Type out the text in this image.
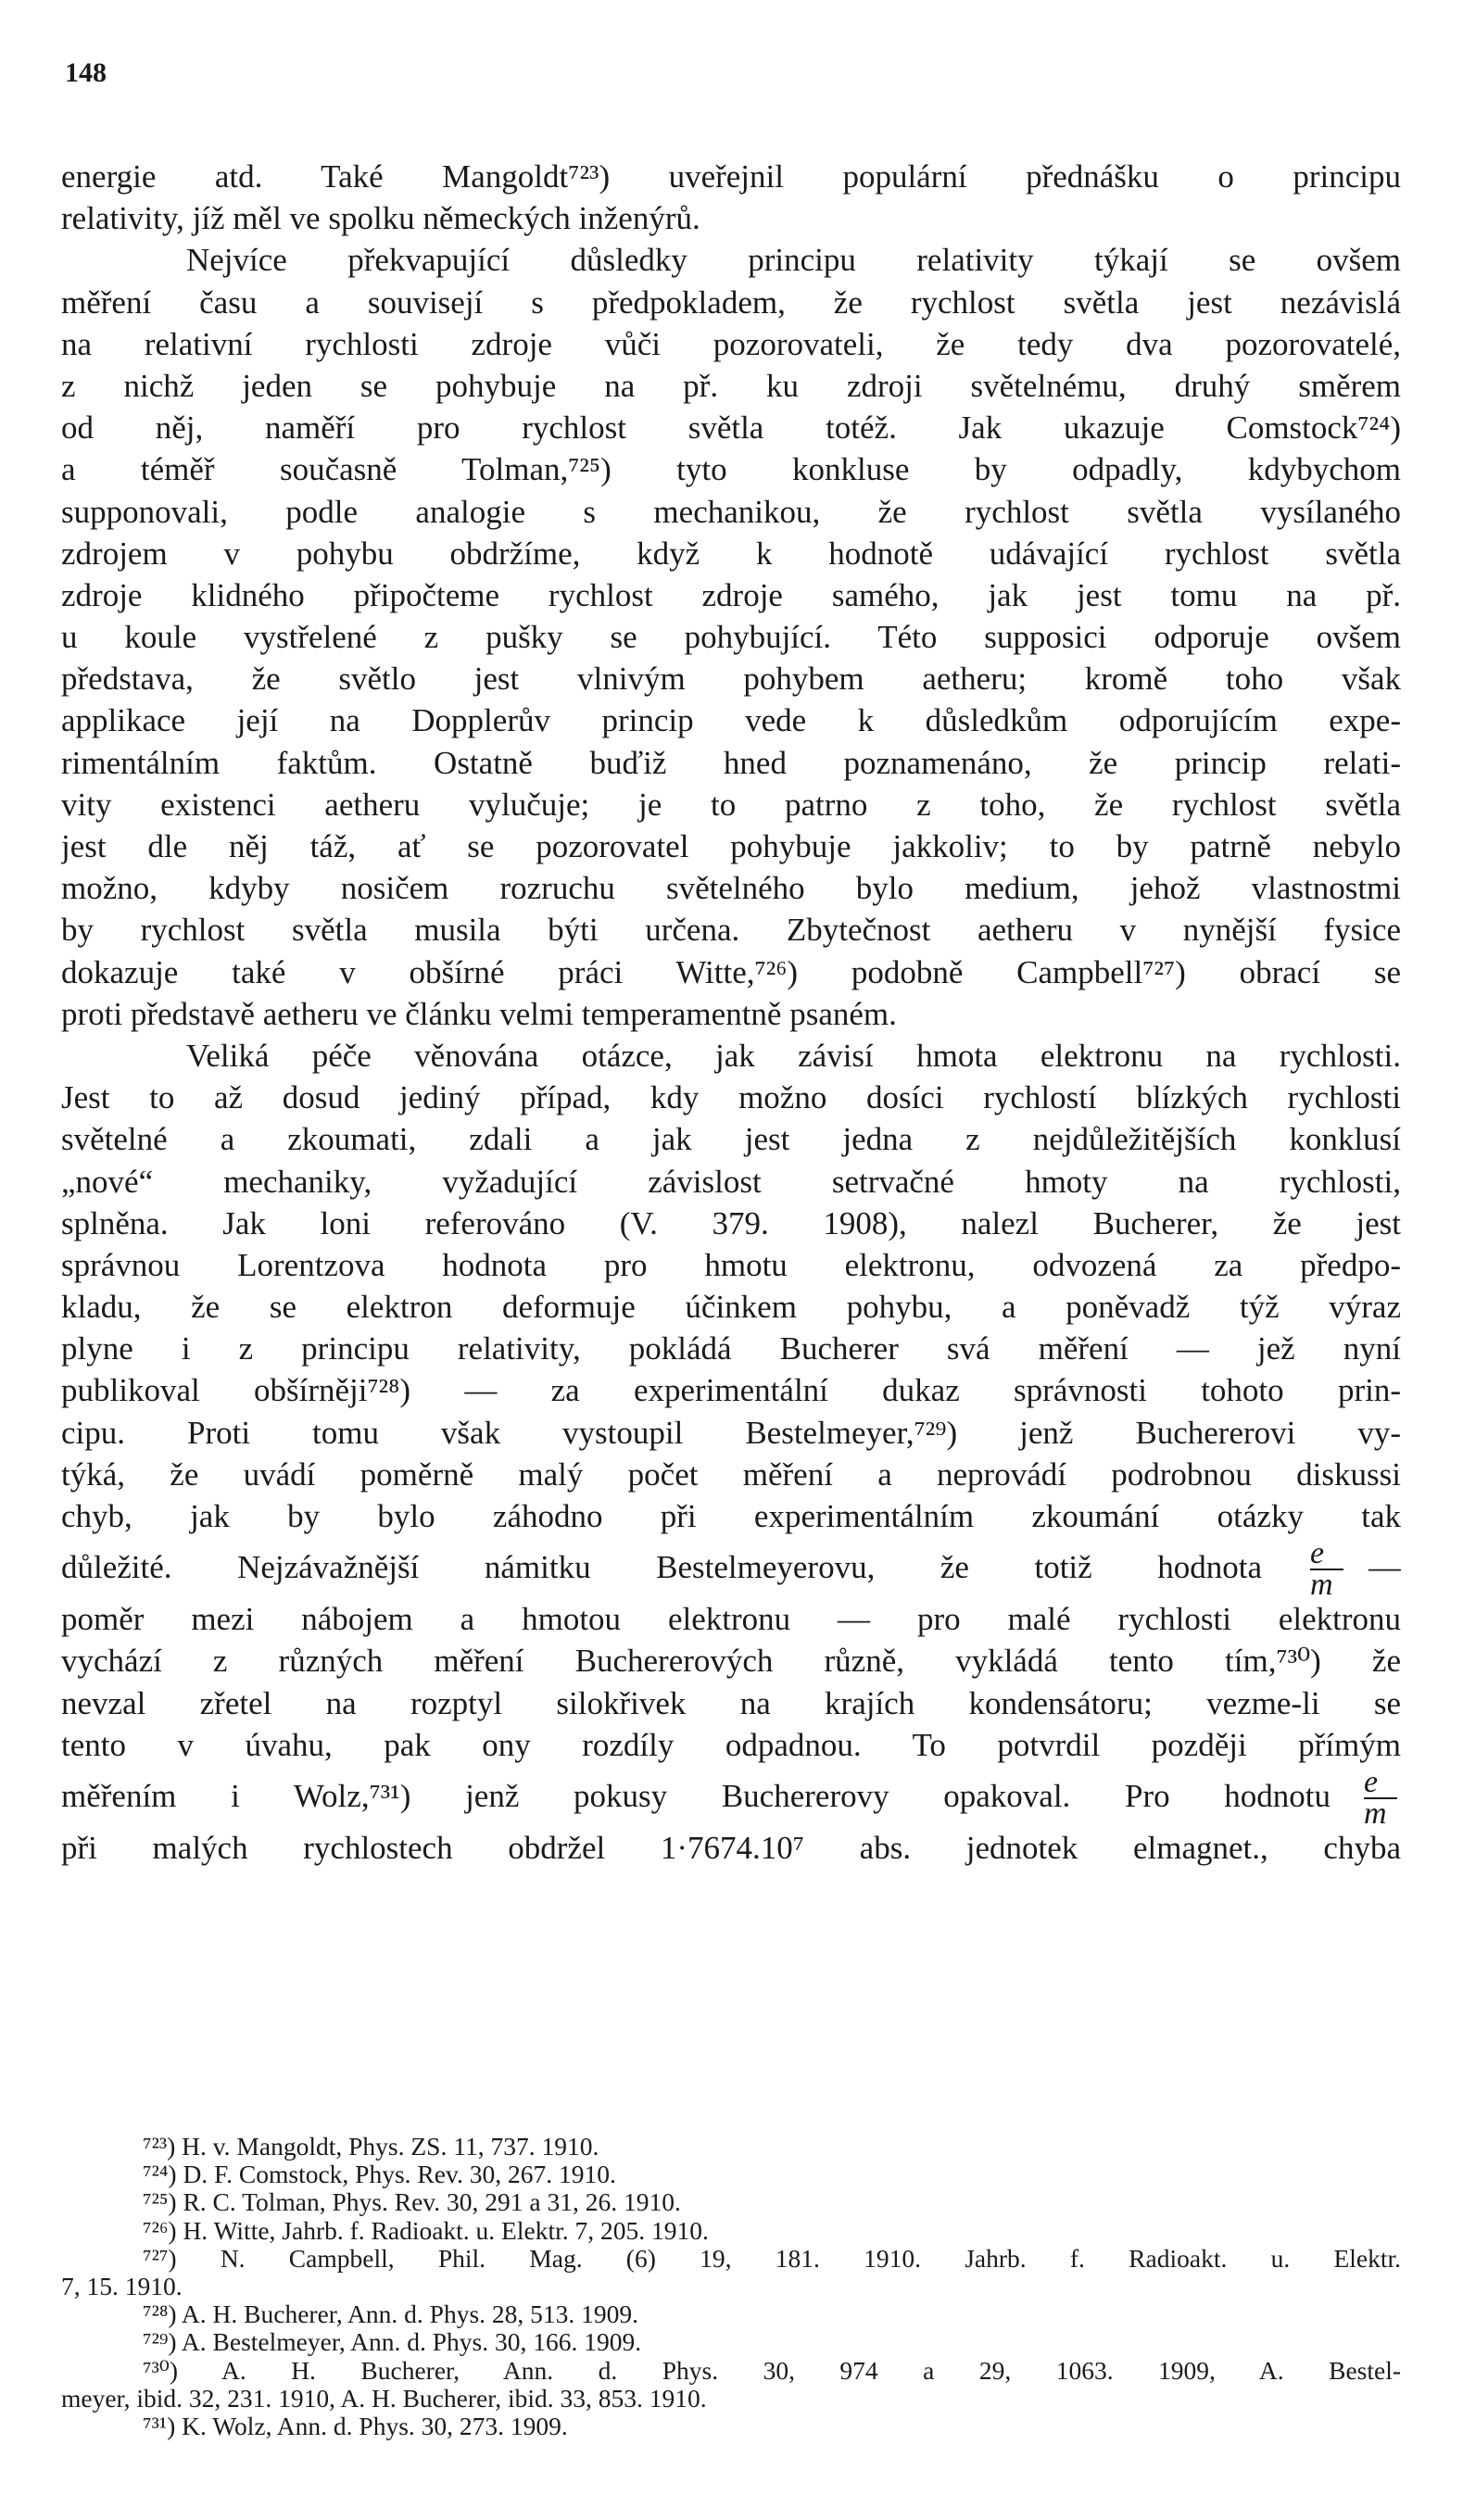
148
energie atd. Také Mangoldt⁷²³) uveřejnil populární přednášku o principu
relativity, jíž měl ve spolku německých inženýrů.
Nejvíce překvapující důsledky principu relativity týkají se ovšem
měření času a souvisejí s předpokladem, že rychlost světla jest nezávislá
na relativní rychlosti zdroje vůči pozorovateli, že tedy dva pozorovatelé,
z nichž jeden se pohybuje na př. ku zdroji světelnému, druhý směrem
od něj, naměří pro rychlost světla totéž. Jak ukazuje Comstock⁷²⁴)
a téměř současně Tolman,⁷²⁵) tyto konkluse by odpadly, kdybychom
supponovali, podle analogie s mechanikou, že rychlost světla vysílaného
zdrojem v pohybu obdržíme, když k hodnotě udávající rychlost světla
zdroje klidného připočteme rychlost zdroje samého, jak jest tomu na př.
u koule vystřelené z pušky se pohybující. Této supposici odporuje ovšem
představa, že světlo jest vlnivým pohybem aetheru; kromě toho však
applikace její na Dopplerův princip vede k důsledkům odporujícím expe-
rimentálním faktům. Ostatně buďiž hned poznamenáno, že princip relati-
vity existenci aetheru vylučuje; je to patrno z toho, že rychlost světla
jest dle něj táž, ať se pozorovatel pohybuje jakkoliv; to by patrně nebylo
možno, kdyby nosičem rozruchu světelného bylo medium, jehož vlastnostmi
by rychlost světla musila býti určena. Zbytečnost aetheru v nynější fysice
dokazuje také v obšírné práci Witte,⁷²⁶) podobně Campbell⁷²⁷) obrací se
proti představě aetheru ve článku velmi temperamentně psaném.
Veliká péče věnována otázce, jak závisí hmota elektronu na rychlosti.
Jest to až dosud jediný případ, kdy možno dosíci rychlostí blízkých rychlosti
světelné a zkoumati, zdali a jak jest jedna z nejdůležitějších konklusí
„nové“ mechaniky, vyžadující závislost setrvačné hmoty na rychlosti,
splněna. Jak loni referováno (V. 379. 1908), nalezl Bucherer, že jest
správnou Lorentzova hodnota pro hmotu elektronu, odvozená za předpo-
kladu, že se elektron deformuje účinkem pohybu, a poněvadž týž výraz
plyne i z principu relativity, pokládá Bucherer svá měření — jež nyní
publikoval obšírněji⁷²⁸) — za experimentální dukaz správnosti tohoto prin-
cipu. Proti tomu však vystoupil Bestelmeyer,⁷²⁹) jenž Buchererovi vy-
týká, že uvádí poměrně malý počet měření a neprovádí podrobnou diskussi
chyb, jak by bylo záhodno při experimentálním zkoumání otázky tak
důležité. Nejzávažnější námitku Bestelmeyerovu, že totiž hodnota $\frac{e}{m}$ —
poměr mezi nábojem a hmotou elektronu — pro malé rychlosti elektronu
vychází z různých měření Buchererových různě, vykládá tento tím,⁷³⁰) že
nevzal zřetel na rozptyl silokřivek na krajích kondensátoru; vezme-li se
tento v úvahu, pak ony rozdíly odpadnou. To potvrdil později přímým
měřením i Wolz,⁷³¹) jenž pokusy Buchererovy opakoval. Pro hodnotu $\frac{e}{m}$
při malých rychlostech obdržel 1·7674.10⁷ abs. jednotek elmagnet., chyba
⁷²³) H. v. Mangoldt, Phys. ZS. 11, 737. 1910.
⁷²⁴) D. F. Comstock, Phys. Rev. 30, 267. 1910.
⁷²⁵) R. C. Tolman, Phys. Rev. 30, 291 a 31, 26. 1910.
⁷²⁶) H. Witte, Jahrb. f. Radioakt. u. Elektr. 7, 205. 1910.
⁷²⁷) N. Campbell, Phil. Mag. (6) 19, 181. 1910. Jahrb. f. Radioakt. u. Elektr.
7, 15. 1910.
⁷²⁸) A. H. Bucherer, Ann. d. Phys. 28, 513. 1909.
⁷²⁹) A. Bestelmeyer, Ann. d. Phys. 30, 166. 1909.
⁷³⁰) A. H. Bucherer, Ann. d. Phys. 30, 974 a 29, 1063. 1909, A. Bestel-
meyer, ibid. 32, 231. 1910, A. H. Bucherer, ibid. 33, 853. 1910.
⁷³¹) K. Wolz, Ann. d. Phys. 30, 273. 1909.
